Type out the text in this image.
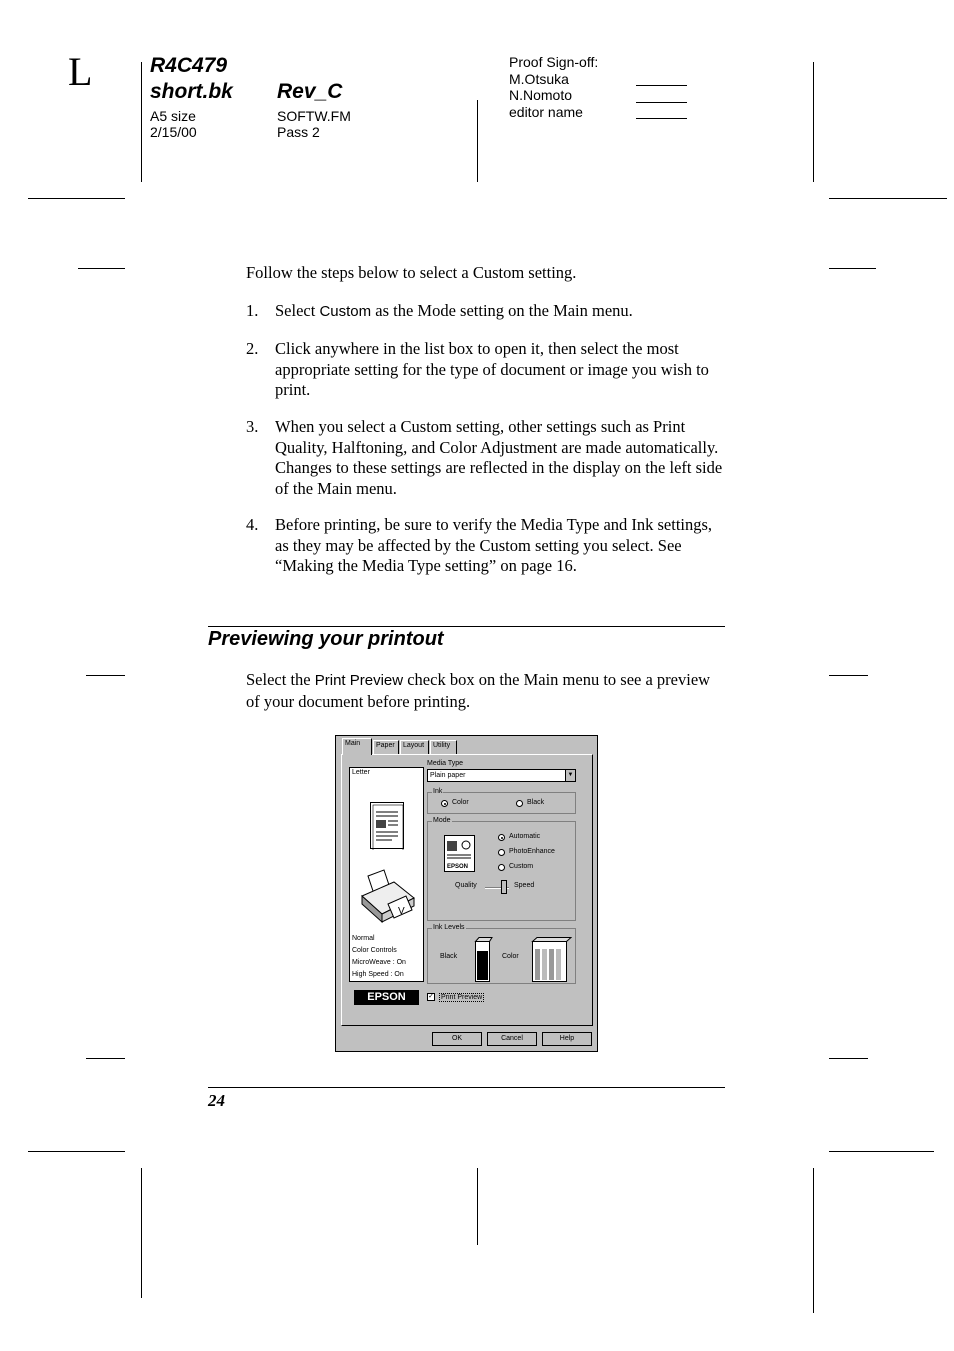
L	R4C479
short.bk
A5 size
2/15/00
Rev_C
SOFTW.FM
Pass 2
Proof Sign-off:
M.Otsuka
N.Nomoto
editor name
Follow the steps below to select a Custom setting.
1. Select Custom as the Mode setting on the Main menu.
2. Click anywhere in the list box to open it, then select the most appropriate setting for the type of document or image you wish to print.
3. When you select a Custom setting, other settings such as Print Quality, Halftoning, and Color Adjustment are made automatically. Changes to these settings are reflected in the display on the left side of the Main menu.
4. Before printing, be sure to verify the Media Type and Ink settings, as they may be affected by the Custom setting you select. See “Making the Media Type setting” on page 16.
Previewing your printout
Select the Print Preview check box on the Main menu to see a preview of your document before printing.
Main	Paper	Layout	Utility
Letter
V
Normal
Color Controls
MicroWeave : On
High Speed : On
Media Type
Plain paper	▼
Ink
Color	Black
Mode
EPSON
Automatic
PhotoEnhance
Custom
Quality	Speed
Ink Levels
Black	Color
EPSON	✓ Print Preview
OK	Cancel	Help
24
